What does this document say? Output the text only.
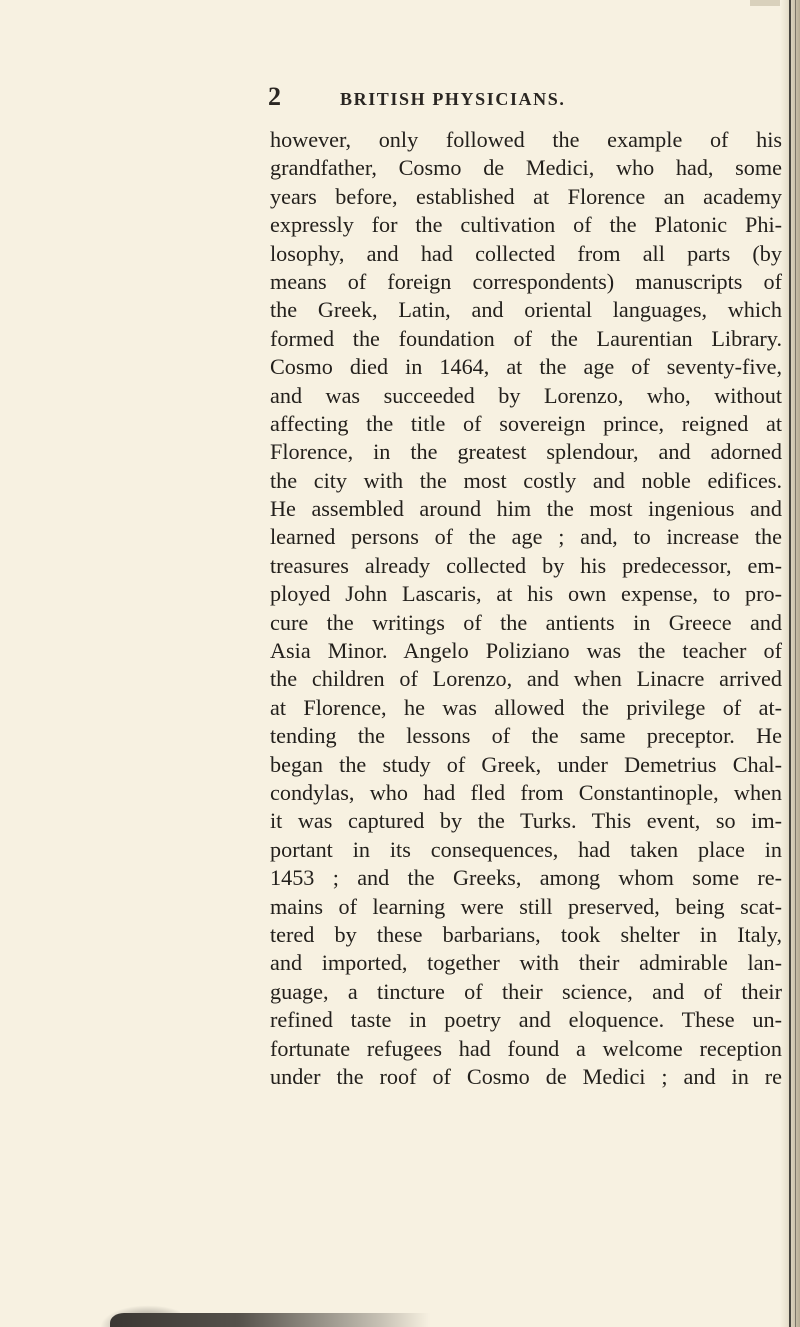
2	BRITISH PHYSICIANS.
however, only followed the example of his
grandfather, Cosmo de Medici, who had, some
years before, established at Florence an academy
expressly for the cultivation of the Platonic Phi-
losophy, and had collected from all parts (by
means of foreign correspondents) manuscripts of
the Greek, Latin, and oriental languages, which
formed the foundation of the Laurentian Library.
Cosmo died in 1464, at the age of seventy-five,
and was succeeded by Lorenzo, who, without
affecting the title of sovereign prince, reigned at
Florence, in the greatest splendour, and adorned
the city with the most costly and noble edifices.
He assembled around him the most ingenious and
learned persons of the age ; and, to increase the
treasures already collected by his predecessor, em-
ployed John Lascaris, at his own expense, to pro-
cure the writings of the antients in Greece and
Asia Minor. Angelo Poliziano was the teacher of
the children of Lorenzo, and when Linacre arrived
at Florence, he was allowed the privilege of at-
tending the lessons of the same preceptor. He
began the study of Greek, under Demetrius Chal-
condylas, who had fled from Constantinople, when
it was captured by the Turks. This event, so im-
portant in its consequences, had taken place in
1453 ; and the Greeks, among whom some re-
mains of learning were still preserved, being scat-
tered by these barbarians, took shelter in Italy,
and imported, together with their admirable lan-
guage, a tincture of their science, and of their
refined taste in poetry and eloquence. These un-
fortunate refugees had found a welcome reception
under the roof of Cosmo de Medici ; and in re
